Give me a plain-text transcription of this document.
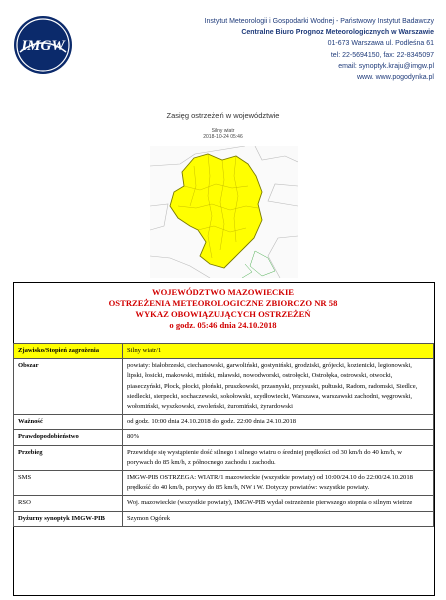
IMGW
Instytut Meteorologii i Gospodarki Wodnej - Państwowy Instytut Badawczy
Centralne Biuro Prognoz Meteorologicznych w Warszawie
01-673 Warszawa ul. Podleśna 61
tel: 22-5694150, fax: 22-8345097
email: synoptyk.kraju@imgw.pl
www. www.pogodynka.pl
Zasięg ostrzeżeń w województwie
Silny wiatr
2018-10-24 05:46
WOJEWÓDZTWO MAZOWIECKIE
OSTRZEŻENIA METEOROLOGICZNE ZBIORCZO NR 58
WYKAZ OBOWIĄZUJĄCYCH OSTRZEŻEŃ
o godz. 05:46 dnia 24.10.2018
Zjawisko/Stopień zagrożenia	Silny wiatr/1
Obszar	powiaty: białobrzeski, ciechanowski, garwoliński, gostyniński, grodziski, grójecki, kozienicki, legionowski, lipski, łosicki, makowski, miński, mławski, nowodworski, ostrołęcki, Ostrołęka, ostrowski, otwocki, piaseczyński, Płock, płocki, płoński, pruszkowski, przasnyski, przysuski, pułtuski, Radom, radomski, Siedlce, siedlecki, sierpecki, sochaczewski, sokołowski, szydłowiecki, Warszawa, warszawski zachodni, węgrowski, wołomiński, wyszkowski, zwoleński, żuromiński, żyrardowski
Ważność	od godz. 10:00 dnia 24.10.2018 do godz. 22:00 dnia 24.10.2018
Prawdopodobieństwo	80%
Przebieg	Przewiduje się wystąpienie dość silnego i silnego wiatru o średniej prędkości od 30 km/h do 40 km/h, w porywach do 85 km/h, z północnego zachodu i zachodu.
SMS	IMGW-PIB OSTRZEGA: WIATR/1 mazowieckie (wszystkie powiaty) od 10:00/24.10 do 22:00/24.10.2018 prędkość do 40 km/h, porywy do 85 km/h, NW i W. Dotyczy powiatów: wszystkie powiaty.
RSO	Woj. mazowieckie (wszystkie powiaty), IMGW-PIB wydał ostrzeżenie pierwszego stopnia o silnym wietrze
Dyżurny synoptyk IMGW-PIB	Szymon Ogórek
